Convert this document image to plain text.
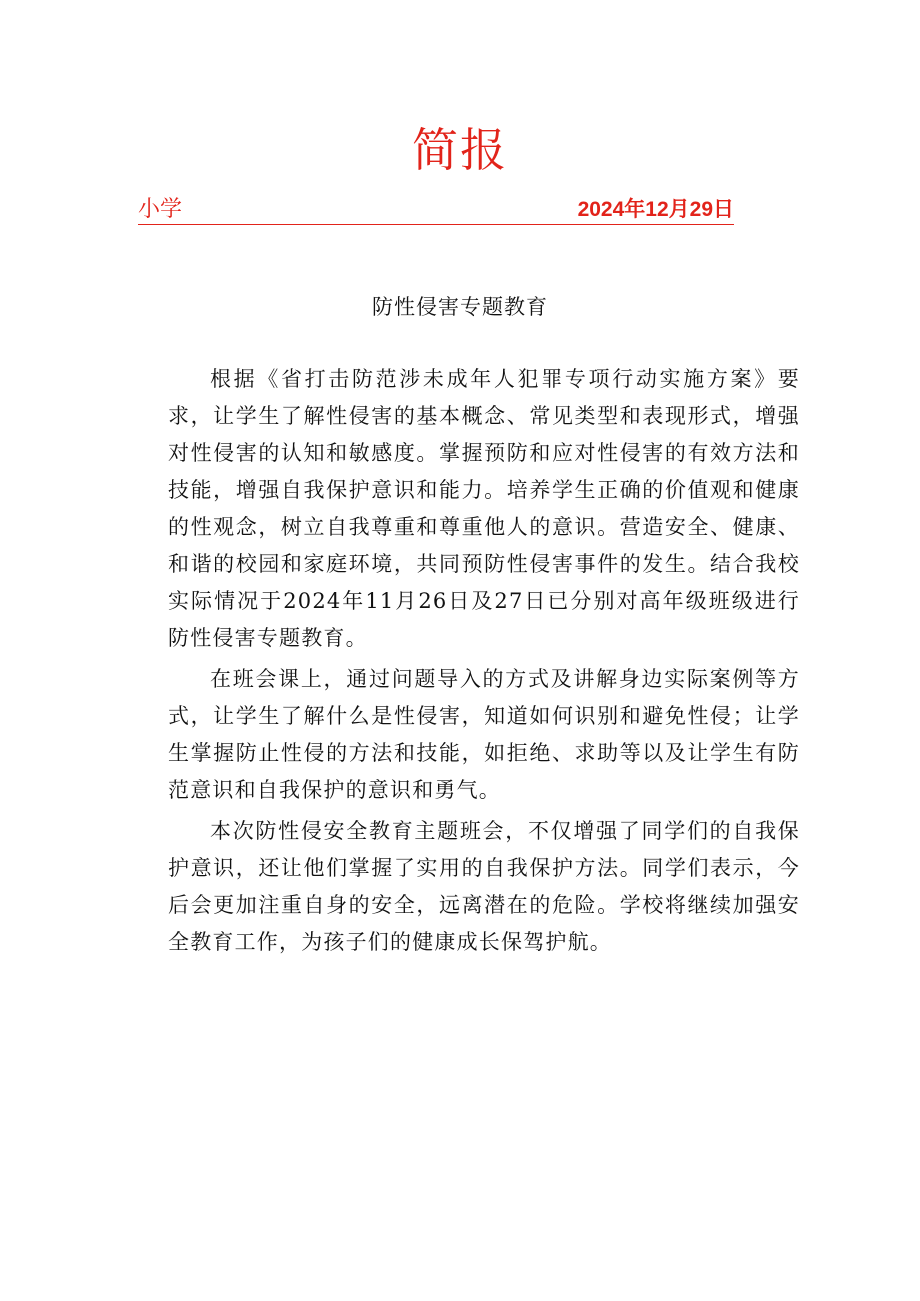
简报
小学	2024年12月29日
防性侵害专题教育

根据《省打击防范涉未成年人犯罪专项行动实施方案》要求，让学生了解性侵害的基本概念、常见类型和表现形式，增强对性侵害的认知和敏感度。掌握预防和应对性侵害的有效方法和技能，增强自我保护意识和能力。培养学生正确的价值观和健康的性观念，树立自我尊重和尊重他人的意识。营造安全、健康、和谐的校园和家庭环境，共同预防性侵害事件的发生。结合我校实际情况于2024年11月26日及27日已分别对高年级班级进行防性侵害专题教育。

在班会课上，通过问题导入的方式及讲解身边实际案例等方式，让学生了解什么是性侵害，知道如何识别和避免性侵；让学生掌握防止性侵的方法和技能，如拒绝、求助等以及让学生有防范意识和自我保护的意识和勇气。

本次防性侵安全教育主题班会，不仅增强了同学们的自我保护意识，还让他们掌握了实用的自我保护方法。同学们表示，今后会更加注重自身的安全，远离潜在的危险。学校将继续加强安全教育工作，为孩子们的健康成长保驾护航。
